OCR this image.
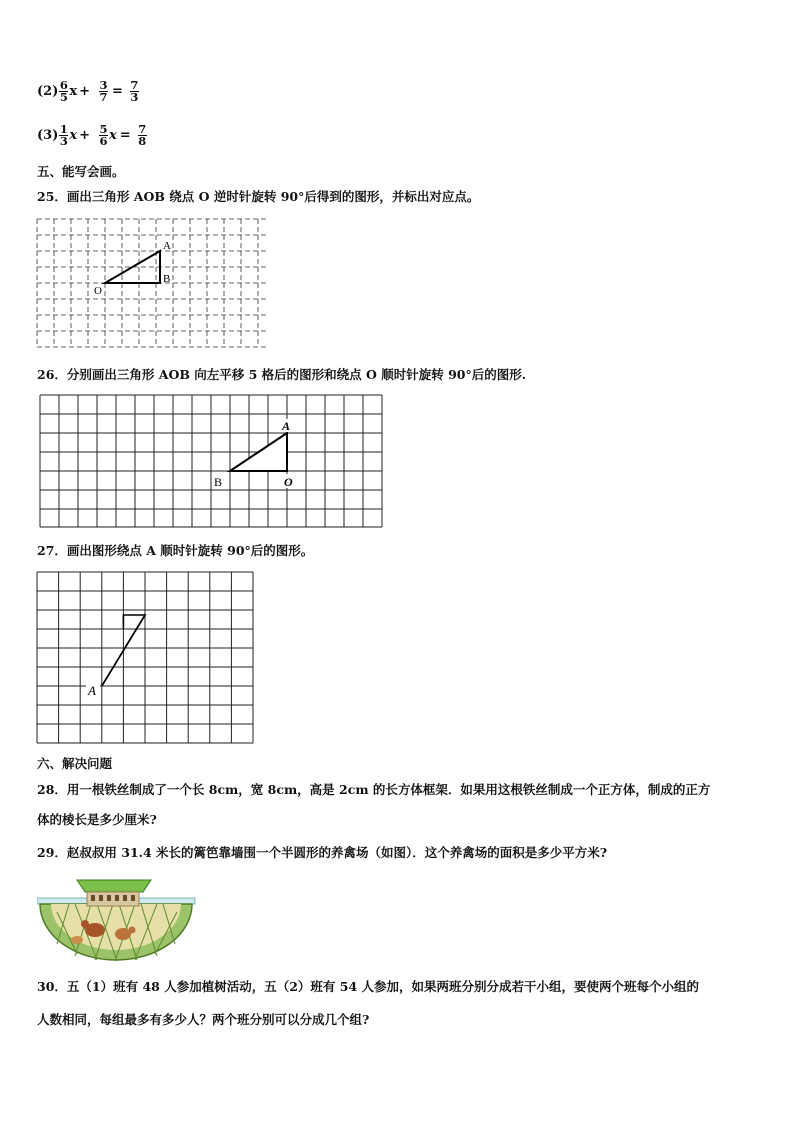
$(2) \frac{6}{5}$ $x + \frac{3}{7} = \frac{7}{3}$
$(3) \frac{1}{3}$ $x + \frac{5}{6}$ $x = \frac{7}{8}$
五、能写会画。
25．画出三角形 AOB 绕点 O 逆时针旋转 90°后得到的图形，并标出对应点。
A
B
O
26．分别画出三角形 AOB 向左平移 5 格后的图形和绕点 O 顺时针旋转 90°后的图形.
A
B	O
27．画出图形绕点 A 顺时针旋转 90°后的图形。
A
六、解决问题
28．用一根铁丝制成了一个长 8cm，宽 8cm，高是 2cm 的长方体框架．如果用这根铁丝制成一个正方体，制成的正方
体的棱长是多少厘米?
29．赵叔叔用 31.4 米长的篱笆靠墙围一个半圆形的养禽场（如图）．这个养禽场的面积是多少平方米?
30．五（1）班有 48 人参加植树活动，五（2）班有 54 人参加，如果两班分别分成若干小组，要使两个班每个小组的
人数相同，每组最多有多少人？两个班分别可以分成几个组?
